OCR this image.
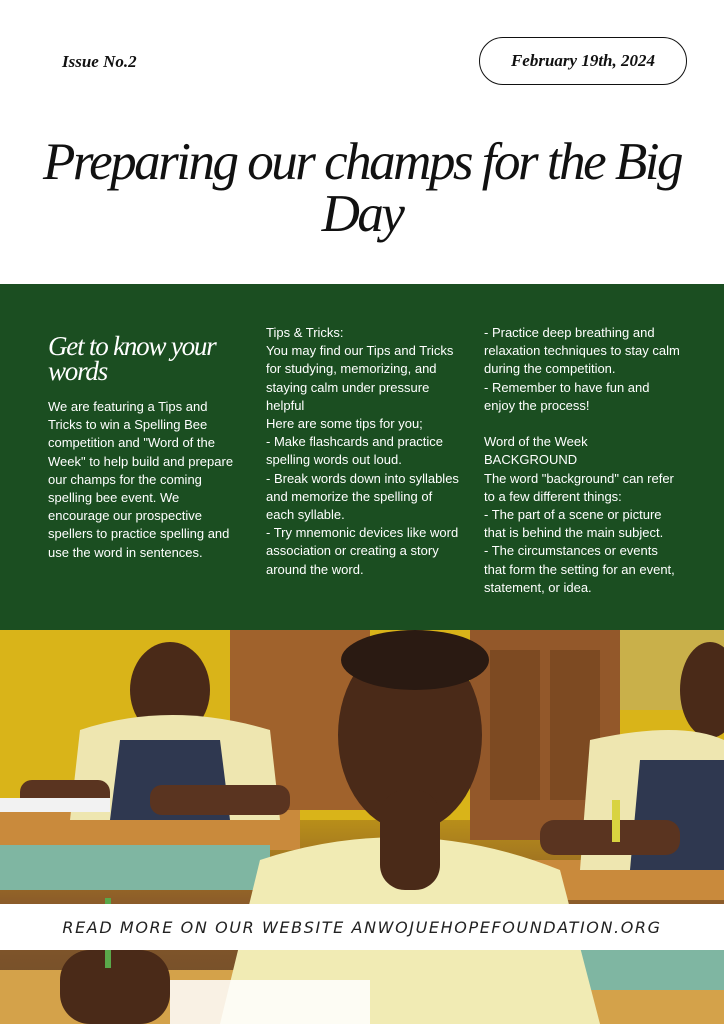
Issue No.2	February 19th, 2024
Preparing our champs for the Big Day
Get to know your words
We are featuring a Tips and Tricks to win a Spelling Bee competition and "Word of the Week" to help build and prepare our champs for the coming spelling bee event. We encourage our prospective spellers to practice spelling and use the word in sentences.
Tips & Tricks:
You may find our Tips and Tricks for studying, memorizing, and staying calm under pressure helpful
Here are some tips for you;
- Make flashcards and practice spelling words out loud.
- Break words down into syllables and memorize the spelling of each syllable.
- Try mnemonic devices like word association or creating a story around the word.
- Practice deep breathing and relaxation techniques to stay calm during the competition.
- Remember to have fun and enjoy the process!

Word of the Week
BACKGROUND
The word "background" can refer to a few different things:
- The part of a scene or picture that is behind the main subject.
- The circumstances or events that form the setting for an event, statement, or idea.
READ MORE ON OUR WEBSITE ANWOJUEHOPEFOUNDATION.ORG
